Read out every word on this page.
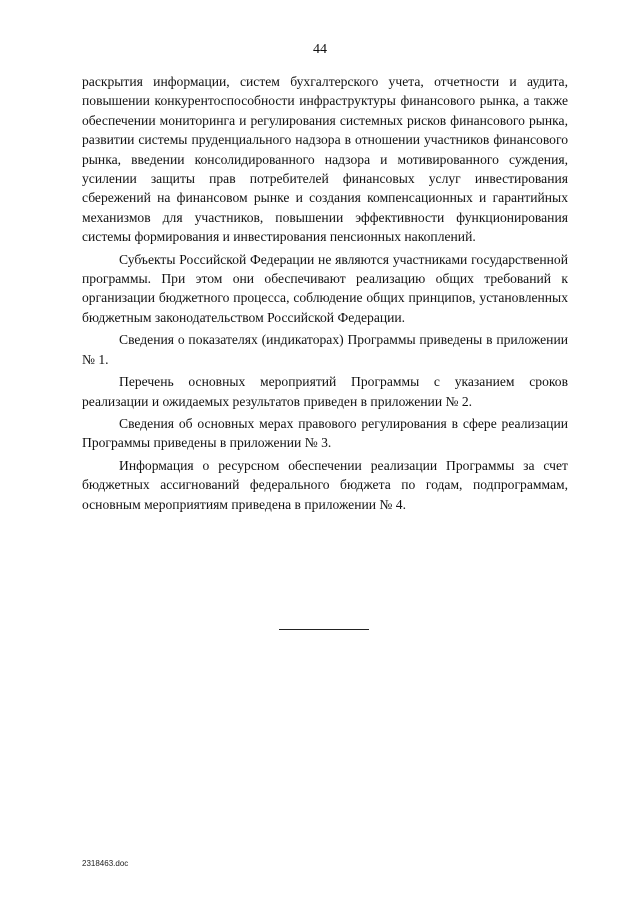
44

раскрытия информации, систем бухгалтерского учета, отчетности и аудита, повышении конкурентоспособности инфраструктуры финансового рынка, а также обеспечении мониторинга и регулирования системных рисков финансового рынка, развитии системы пруденциального надзора в отношении участников финансового рынка, введении консолидированного надзора и мотивированного суждения, усилении защиты прав потребителей финансовых услуг инвестирования сбережений на финансовом рынке и создания компенсационных и гарантийных механизмов для участников, повышении эффективности функционирования системы формирования и инвестирования пенсионных накоплений.

Субъекты Российской Федерации не являются участниками государственной программы. При этом они обеспечивают реализацию общих требований к организации бюджетного процесса, соблюдение общих принципов, установленных бюджетным законодательством Российской Федерации.

Сведения о показателях (индикаторах) Программы приведены в приложении № 1.

Перечень основных мероприятий Программы с указанием сроков реализации и ожидаемых результатов приведен в приложении № 2.

Сведения об основных мерах правового регулирования в сфере реализации Программы приведены в приложении № 3.

Информация о ресурсном обеспечении реализации Программы за счет бюджетных ассигнований федерального бюджета по годам, подпрограммам, основным мероприятиям приведена в приложении № 4.

2318463.doc
